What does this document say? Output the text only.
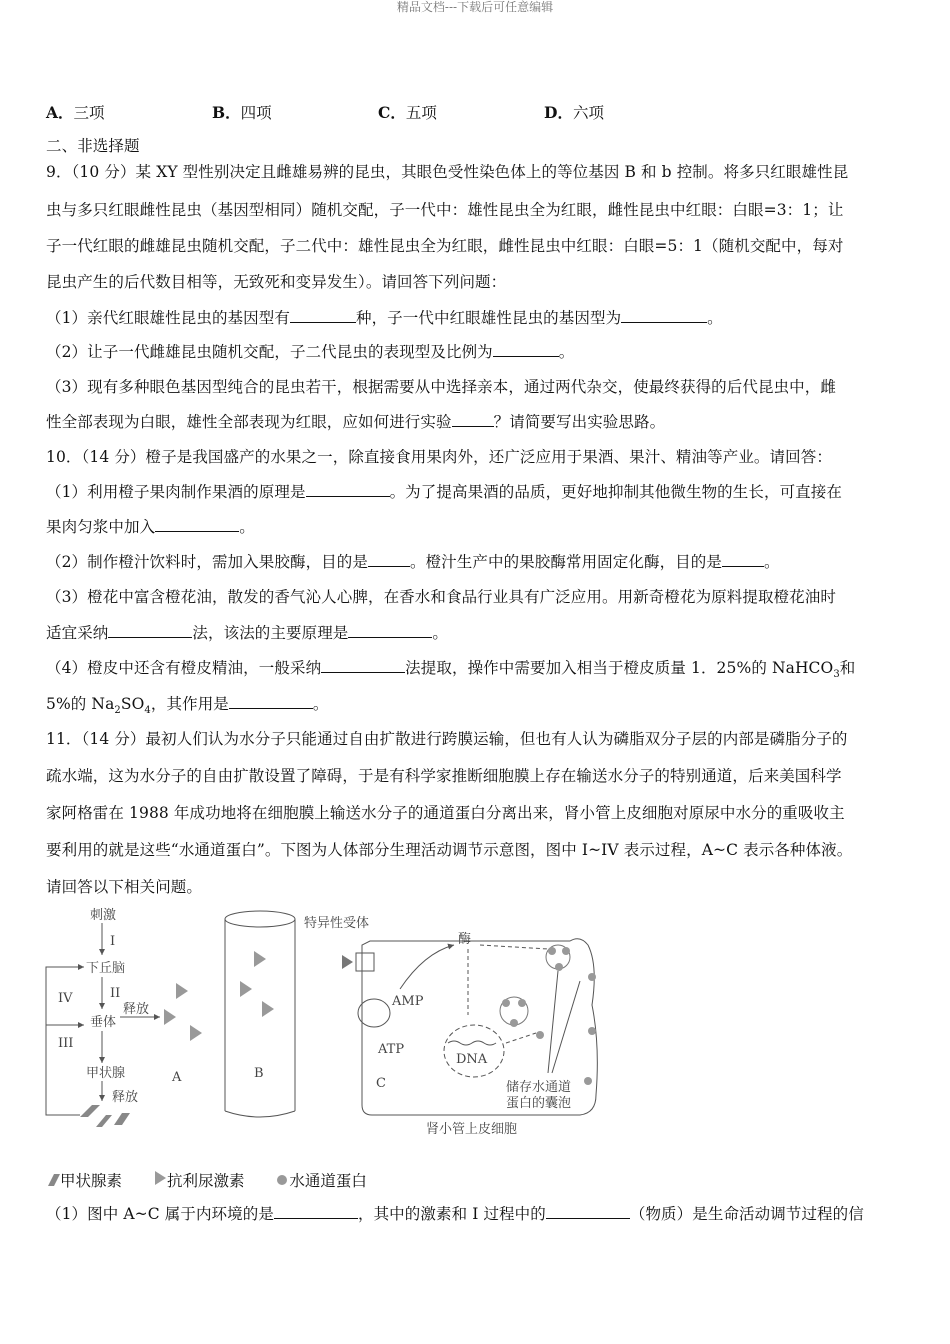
精品文档---下载后可任意编辑
A．三项	B．四项	C．五项	D．六项
二、非选择题
9．（10 分）某 XY 型性别决定且雌雄易辨的昆虫，其眼色受性染色体上的等位基因 B 和 b 控制。将多只红眼雄性昆
虫与多只红眼雌性昆虫（基因型相同）随机交配，子一代中：雄性昆虫全为红眼，雌性昆虫中红眼：白眼=3：1；让
子一代红眼的雌雄昆虫随机交配，子二代中：雄性昆虫全为红眼，雌性昆虫中红眼：白眼=5：1（随机交配中，每对
昆虫产生的后代数目相等，无致死和变异发生）。请回答下列问题：
（1）亲代红眼雄性昆虫的基因型有	种，子一代中红眼雄性昆虫的基因型为	。
（2）让子一代雌雄昆虫随机交配，子二代昆虫的表现型及比例为	。
（3）现有多种眼色基因型纯合的昆虫若干，根据需要从中选择亲本，通过两代杂交，使最终获得的后代昆虫中，雌
性全部表现为白眼，雄性全部表现为红眼，应如何进行实验	？请简要写出实验思路。
10．（14 分）橙子是我国盛产的水果之一，除直接食用果肉外，还广泛应用于果酒、果汁、精油等产业。请回答：
（1）利用橙子果肉制作果酒的原理是	。为了提高果酒的品质，更好地抑制其他微生物的生长，可直接在
果肉匀浆中加入	。
（2）制作橙汁饮料时，需加入果胶酶，目的是	。橙汁生产中的果胶酶常用固定化酶，目的是	。
（3）橙花中富含橙花油，散发的香气沁人心脾，在香水和食品行业具有广泛应用。用新奇橙花为原料提取橙花油时
适宜采纳	法，该法的主要原理是	。
（4）橙皮中还含有橙皮精油，一般采纳	法提取，操作中需要加入相当于橙皮质量 1．25%的 NaHCO$_3$和
5%的 $Na_2SO_4$，其作用是	。
11．（14 分）最初人们认为水分子只能通过自由扩散进行跨膜运输，但也有人认为磷脂双分子层的内部是磷脂分子的
疏水端，这为水分子的自由扩散设置了障碍，于是有科学家推断细胞膜上存在输送水分子的特别通道，后来美国科学
家阿格雷在 1988 年成功地将在细胞膜上输送水分子的通道蛋白分离出来，肾小管上皮细胞对原尿中水分的重吸收主
要利用的就是这些“水通道蛋白”。下图为人体部分生理活动调节示意图，图中 I~IV 表示过程，A~C 表示各种体液。
请回答以下相关问题。
刺激
I
下丘脑
II
释放
垂体
甲状腺
释放
IV
III
A	B
特异性受体
AMP
ATP
酶
DNA
储存水通道
蛋白的囊泡
C
肾小管上皮细胞
甲状腺素	抗利尿激素	水通道蛋白
（1）图中 A~C 属于内环境的是	，其中的激素和 I 过程中的	（物质）是生命活动调节过程的信
